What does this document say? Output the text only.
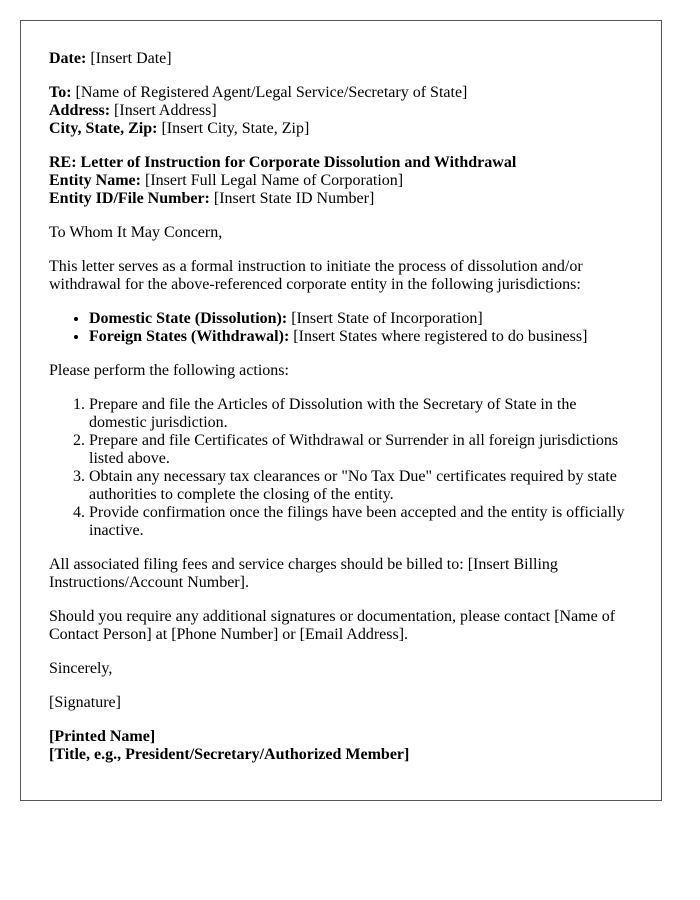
Date: [Insert Date]

To: [Name of Registered Agent/Legal Service/Secretary of State]
Address: [Insert Address]
City, State, Zip: [Insert City, State, Zip]

RE: Letter of Instruction for Corporate Dissolution and Withdrawal
Entity Name: [Insert Full Legal Name of Corporation]
Entity ID/File Number: [Insert State ID Number]

To Whom It May Concern,

This letter serves as a formal instruction to initiate the process of dissolution and/or withdrawal for the above-referenced corporate entity in the following jurisdictions:

• Domestic State (Dissolution): [Insert State of Incorporation]
• Foreign States (Withdrawal): [Insert States where registered to do business]

Please perform the following actions:

1. Prepare and file the Articles of Dissolution with the Secretary of State in the domestic jurisdiction.
2. Prepare and file Certificates of Withdrawal or Surrender in all foreign jurisdictions listed above.
3. Obtain any necessary tax clearances or "No Tax Due" certificates required by state authorities to complete the closing of the entity.
4. Provide confirmation once the filings have been accepted and the entity is officially inactive.

All associated filing fees and service charges should be billed to: [Insert Billing Instructions/Account Number].

Should you require any additional signatures or documentation, please contact [Name of Contact Person] at [Phone Number] or [Email Address].

Sincerely,

[Signature]

[Printed Name]
[Title, e.g., President/Secretary/Authorized Member]
